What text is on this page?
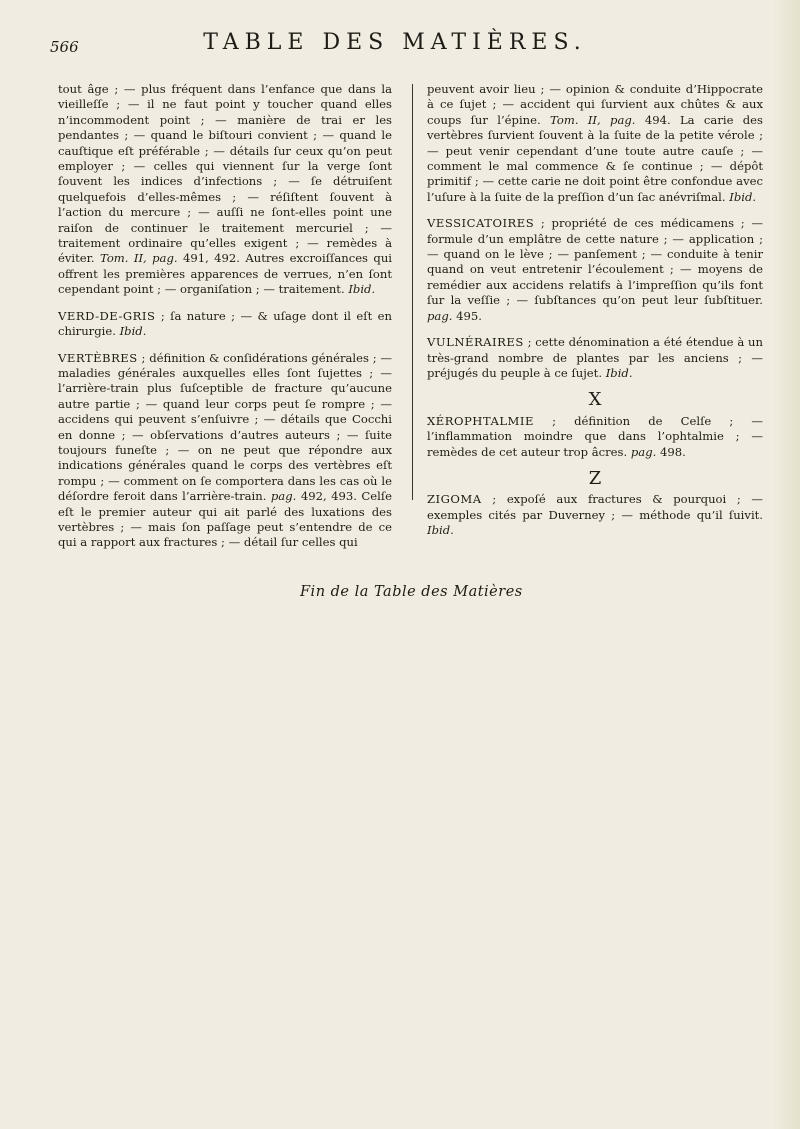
566	TABLE DES MATIÈRES.

tout âge ; — plus fréquent dans l’enfance que dans la vieilleſſe ; — il ne faut point y toucher quand elles n’incommodent point ; — manière de trai er les pendantes ; — quand le biſtouri convient ; — quand le cauſtique eſt préférable ; — détails ſur ceux qu’on peut employer ; — celles qui viennent ſur la verge ſont ſouvent les indices d’infections ; — ſe détruiſent quelquefois d’elles-mêmes ; — réſiſtent ſouvent à l’action du mercure ; — auſſi ne ſont-elles point une raiſon de continuer le traitement mercuriel ; — traitement ordinaire qu’elles exigent ; — remèdes à éviter. Tom. II, pag. 491, 492. Autres excroiſſances qui offrent les premières apparences de verrues, n’en ſont cependant point ; — organiſation ; — traitement. Ibid.

VERD-DE-GRIS ; ſa nature ; — & uſage dont il eſt en chirurgie. Ibid.

VERTÈBRES ; définition & conſidérations générales ; — maladies générales auxquelles elles ſont ſujettes ; — l’arrière-train plus ſuſceptible de fracture qu’aucune autre partie ; — quand leur corps peut ſe rompre ; — accidens qui peuvent s’enſuivre ; — détails que Cocchi en donne ; — obſervations d’autres auteurs ; — ſuite toujours funeſte ; — on ne peut que répondre aux indications générales quand le corps des vertèbres eſt rompu ; — comment on ſe comportera dans les cas où le déſordre feroit dans l’arrière-train. pag. 492, 493. Celſe eſt le premier auteur qui ait parlé des luxations des vertèbres ; — mais ſon paſſage peut s’entendre de ce qui a rapport aux fractures ; — détail ſur celles qui

peuvent avoir lieu ; — opinion & conduite d’Hippocrate à ce ſujet ; — accident qui ſurvient aux chûtes & aux coups ſur l’épine. Tom. II, pag. 494. La carie des vertèbres ſurvient ſouvent à la ſuite de la petite vérole ; — peut venir cependant d’une toute autre cauſe ; — comment le mal commence & ſe continue ; — dépôt primitif ; — cette carie ne doit point être confondue avec l’uſure à la ſuite de la preſſion d’un ſac anévriſmal. Ibid.

VESSICATOIRES ; propriété de ces médicamens ; — formule d’un emplâtre de cette nature ; — application ; — quand on le lève ; — panſement ; — conduite à tenir quand on veut entretenir l’écoulement ; — moyens de remédier aux accidens relatifs à l’impreſſion qu’ils font ſur la veſſie ; — ſubſtances qu’on peut leur ſubſtituer. pag. 495.

VULNÉRAIRES ; cette dénomination a été étendue à un très-grand nombre de plantes par les anciens ; — préjugés du peuple à ce ſujet. Ibid.

X

XÉROPHTALMIE ; définition de Celſe ; — l’inflammation moindre que dans l’ophtalmie ; — remèdes de cet auteur trop âcres. pag. 498.

Z

ZIGOMA ; expoſé aux fractures & pourquoi ; — exemples cités par Duverney ; — méthode qu’il ſuivit. Ibid.

Fin de la Table des Matières
